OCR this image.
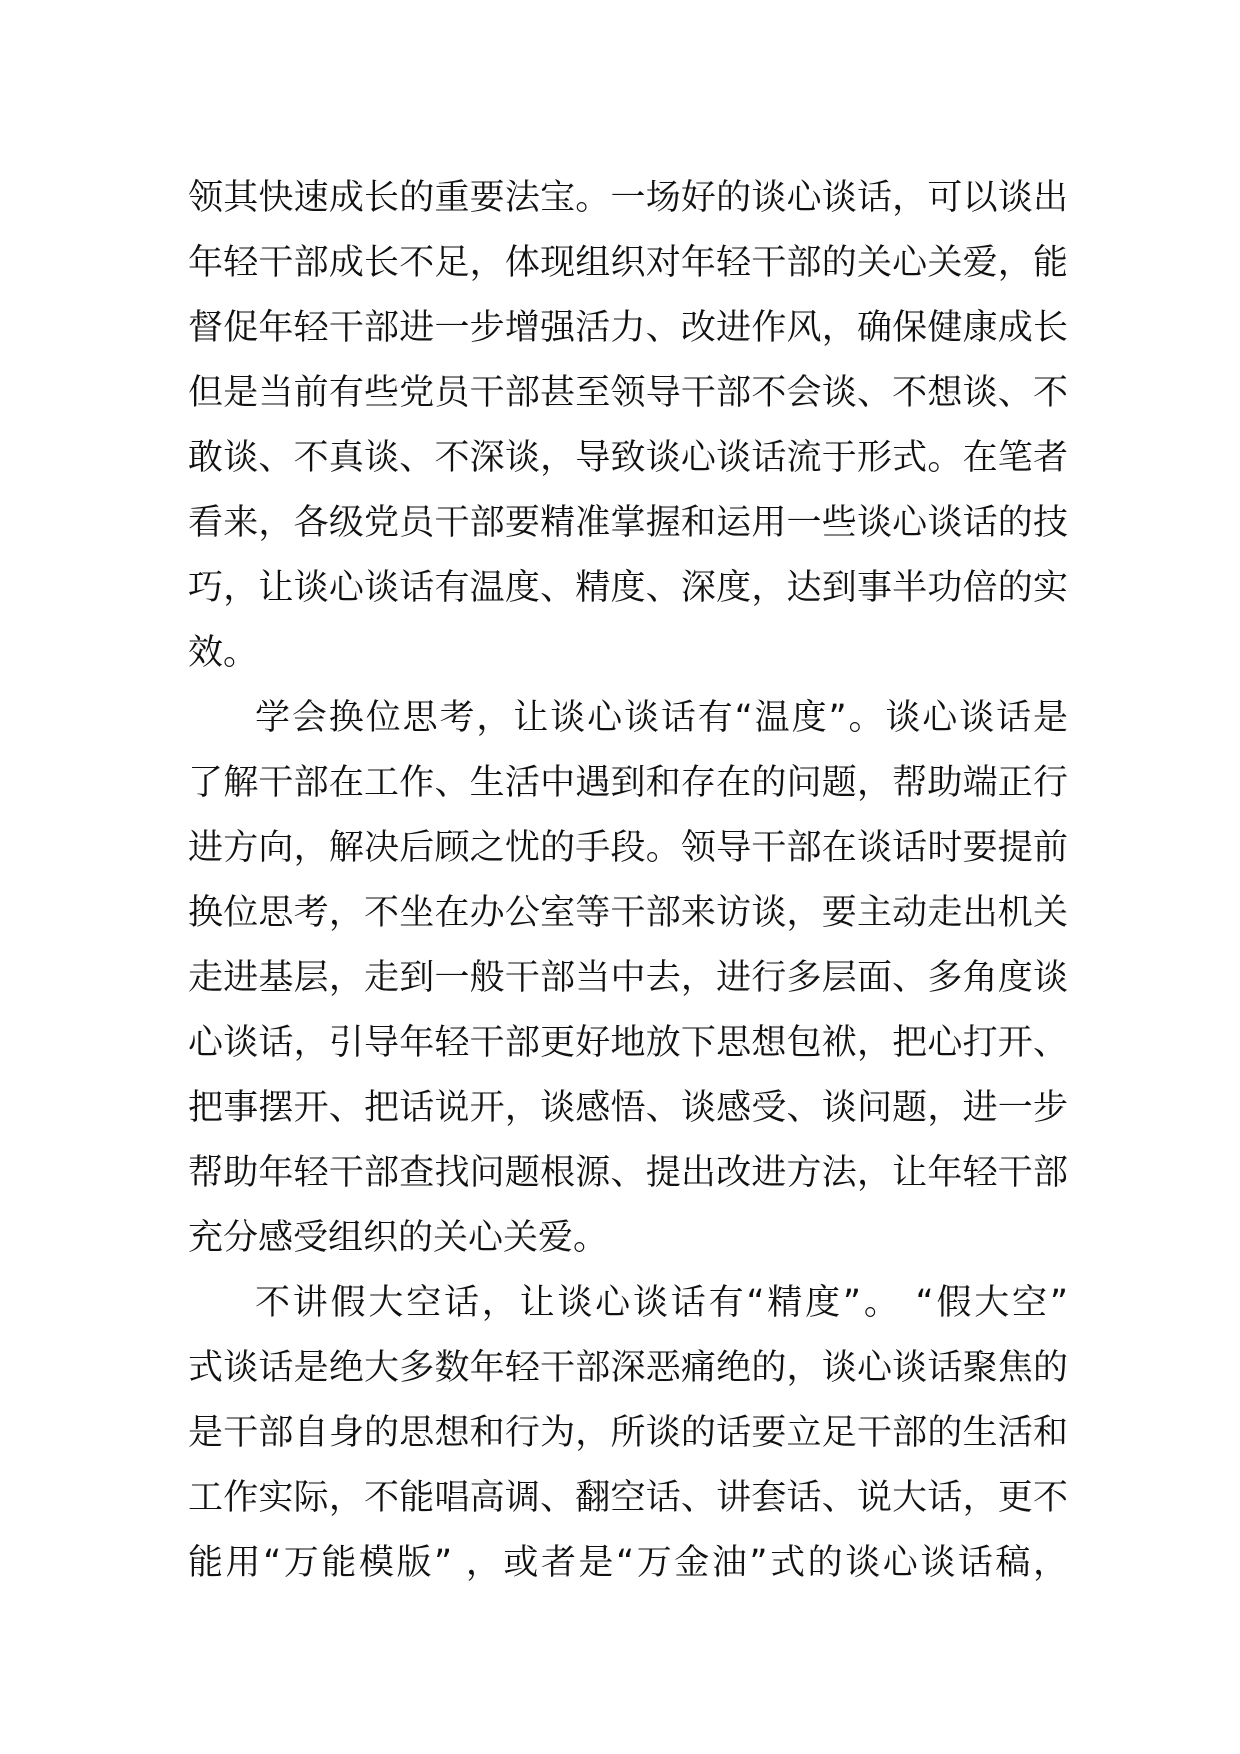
领其快速成长的重要法宝。一场好的谈心谈话，可以谈出
年轻干部成长不足，体现组织对年轻干部的关心关爱，能
督促年轻干部进一步增强活力、改进作风，确保健康成长
但是当前有些党员干部甚至领导干部不会谈、不想谈、不
敢谈、不真谈、不深谈，导致谈心谈话流于形式。在笔者
看来，各级党员干部要精准掌握和运用一些谈心谈话的技
巧，让谈心谈话有温度、精度、深度，达到事半功倍的实
效。
学会换位思考，让谈心谈话有“温度”。谈心谈话是
了解干部在工作、生活中遇到和存在的问题，帮助端正行
进方向，解决后顾之忧的手段。领导干部在谈话时要提前
换位思考，不坐在办公室等干部来访谈，要主动走出机关
走进基层，走到一般干部当中去，进行多层面、多角度谈
心谈话，引导年轻干部更好地放下思想包袱，把心打开、
把事摆开、把话说开，谈感悟、谈感受、谈问题，进一步
帮助年轻干部查找问题根源、提出改进方法，让年轻干部
充分感受组织的关心关爱。
不讲假大空话，让谈心谈话有“精度”。 “假大空”
式谈话是绝大多数年轻干部深恶痛绝的，谈心谈话聚焦的
是干部自身的思想和行为，所谈的话要立足干部的生活和
工作实际，不能唱高调、翻空话、讲套话、说大话，更不
能用“万能模版” ，或者是“万金油”式的谈心谈话稿，
